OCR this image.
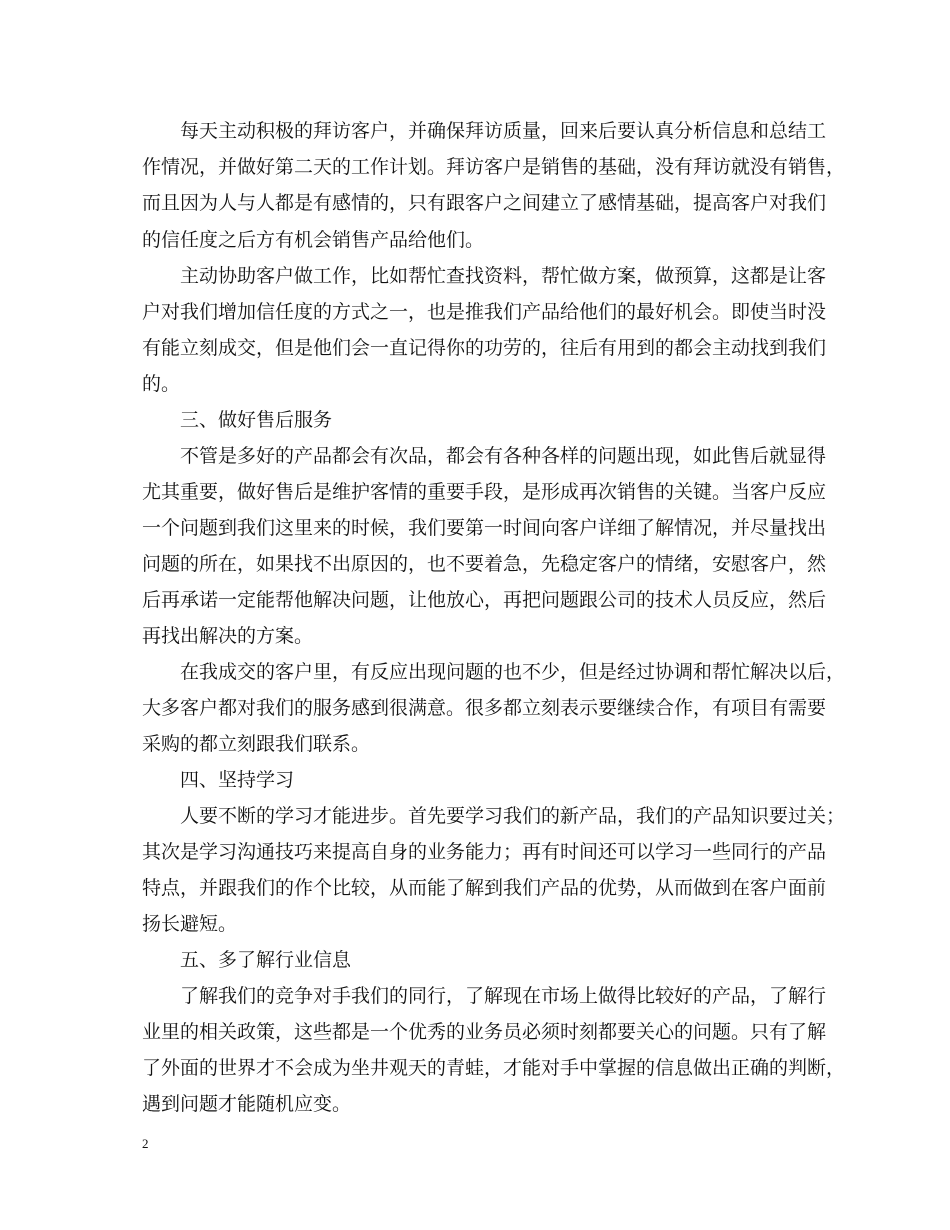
每天主动积极的拜访客户，并确保拜访质量，回来后要认真分析信息和总结工
作情况，并做好第二天的工作计划。拜访客户是销售的基础，没有拜访就没有销售，
而且因为人与人都是有感情的，只有跟客户之间建立了感情基础，提高客户对我们
的信任度之后方有机会销售产品给他们。
主动协助客户做工作，比如帮忙查找资料，帮忙做方案，做预算，这都是让客
户对我们增加信任度的方式之一，也是推我们产品给他们的最好机会。即使当时没
有能立刻成交，但是他们会一直记得你的功劳的，往后有用到的都会主动找到我们
的。
三、做好售后服务
不管是多好的产品都会有次品，都会有各种各样的问题出现，如此售后就显得
尤其重要，做好售后是维护客情的重要手段，是形成再次销售的关键。当客户反应
一个问题到我们这里来的时候，我们要第一时间向客户详细了解情况，并尽量找出
问题的所在，如果找不出原因的，也不要着急，先稳定客户的情绪，安慰客户，然
后再承诺一定能帮他解决问题，让他放心，再把问题跟公司的技术人员反应，然后
再找出解决的方案。
在我成交的客户里，有反应出现问题的也不少，但是经过协调和帮忙解决以后，
大多客户都对我们的服务感到很满意。很多都立刻表示要继续合作，有项目有需要
采购的都立刻跟我们联系。
四、坚持学习
人要不断的学习才能进步。首先要学习我们的新产品，我们的产品知识要过关；
其次是学习沟通技巧来提高自身的业务能力；再有时间还可以学习一些同行的产品
特点，并跟我们的作个比较，从而能了解到我们产品的优势，从而做到在客户面前
扬长避短。
五、多了解行业信息
了解我们的竞争对手我们的同行，了解现在市场上做得比较好的产品，了解行
业里的相关政策，这些都是一个优秀的业务员必须时刻都要关心的问题。只有了解
了外面的世界才不会成为坐井观天的青蛙，才能对手中掌握的信息做出正确的判断，
遇到问题才能随机应变。
2
